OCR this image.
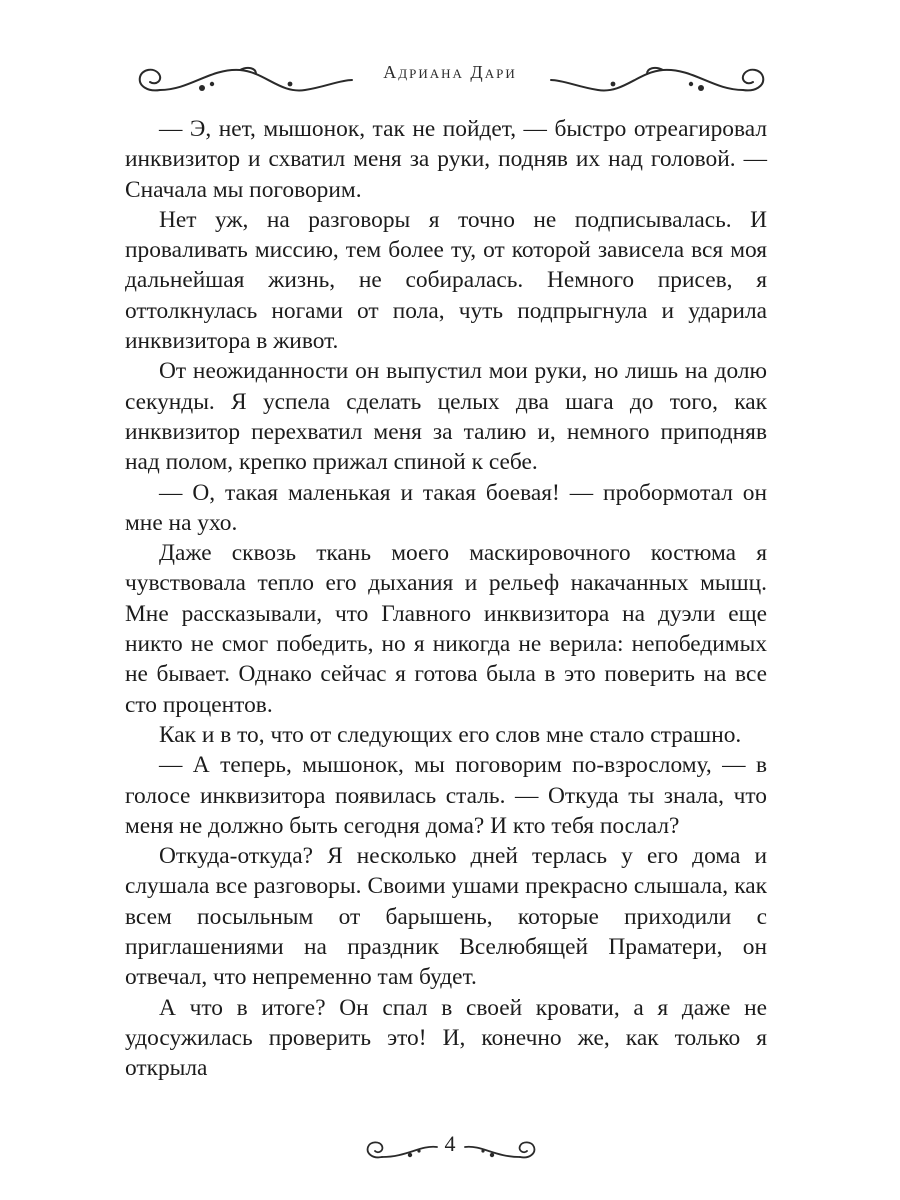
Адриана Дари

— Э, нет, мышонок, так не пойдет, — быстро отреагировал инквизитор и схватил меня за руки, подняв их над головой. — Сначала мы поговорим.

Нет уж, на разговоры я точно не подписывалась. И проваливать миссию, тем более ту, от которой зависела вся моя дальнейшая жизнь, не собиралась. Немного присев, я оттолкнулась ногами от пола, чуть подпрыгнула и ударила инквизитора в живот.

От неожиданности он выпустил мои руки, но лишь на долю секунды. Я успела сделать целых два шага до того, как инквизитор перехватил меня за талию и, немного приподняв над полом, крепко прижал спиной к себе.

— О, такая маленькая и такая боевая! — пробормотал он мне на ухо.

Даже сквозь ткань моего маскировочного костюма я чувствовала тепло его дыхания и рельеф накачанных мышц. Мне рассказывали, что Главного инквизитора на дуэли еще никто не смог победить, но я никогда не верила: непобедимых не бывает. Однако сейчас я готова была в это поверить на все сто процентов.

Как и в то, что от следующих его слов мне стало страшно.

— А теперь, мышонок, мы поговорим по-взрослому, — в голосе инквизитора появилась сталь. — Откуда ты знала, что меня не должно быть сегодня дома? И кто тебя послал?

Откуда-откуда? Я несколько дней терлась у его дома и слушала все разговоры. Своими ушами прекрасно слышала, как всем посыльным от барышень, которые приходили с приглашениями на праздник Вселюбящей Праматери, он отвечал, что непременно там будет.

А что в итоге? Он спал в своей кровати, а я даже не удосужилась проверить это! И, конечно же, как только я открыла

4
